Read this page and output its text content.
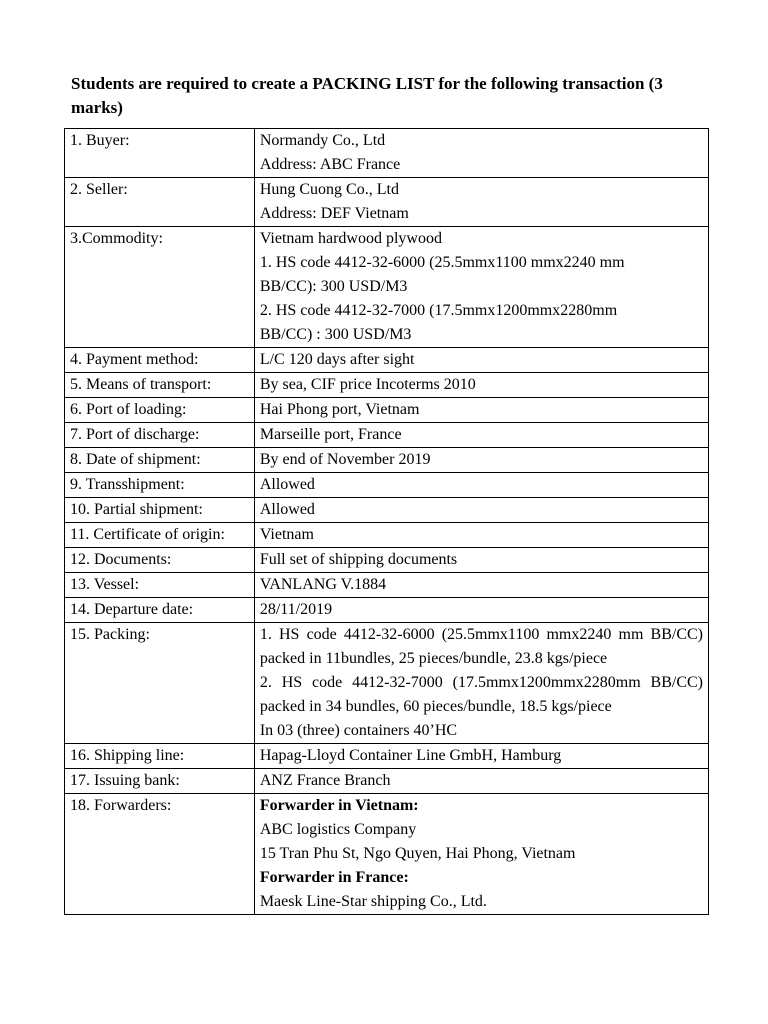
Students are required to create a PACKING LIST for the following transaction (3 marks)
1. Buyer:	Normandy Co., Ltd
Address: ABC France

2. Seller:	Hung Cuong Co., Ltd
Address: DEF Vietnam

3.Commodity:	Vietnam hardwood plywood
1. HS code 4412-32-6000 (25.5mmx1100 mmx2240 mm
BB/CC): 300 USD/M3
2. HS code 4412-32-7000 (17.5mmx1200mmx2280mm
BB/CC) : 300 USD/M3

4. Payment method:	L/C 120 days after sight
5. Means of transport:	By sea, CIF price Incoterms 2010
6. Port of loading:	Hai Phong port, Vietnam
7. Port of discharge:	Marseille port, France
8. Date of shipment:	By end of November 2019
9. Transshipment:	Allowed
10. Partial shipment:	Allowed
11. Certificate of origin:	Vietnam
12. Documents:	Full set of shipping documents
13. Vessel:	VANLANG V.1884
14. Departure date:	28/11/2019
15. Packing:	1. HS code 4412-32-6000 (25.5mmx1100 mmx2240 mm BB/CC) packed in 11bundles, 25 pieces/bundle, 23.8 kgs/piece
2. HS code 4412-32-7000 (17.5mmx1200mmx2280mm BB/CC) packed in 34 bundles, 60 pieces/bundle, 18.5 kgs/piece
In 03 (three) containers 40’HC

16. Shipping line:	Hapag-Lloyd Container Line GmbH, Hamburg
17. Issuing bank:	ANZ France Branch
18. Forwarders:	Forwarder in Vietnam:
ABC logistics Company
15 Tran Phu St, Ngo Quyen, Hai Phong, Vietnam
Forwarder in France:
Maesk Line-Star shipping Co., Ltd.
